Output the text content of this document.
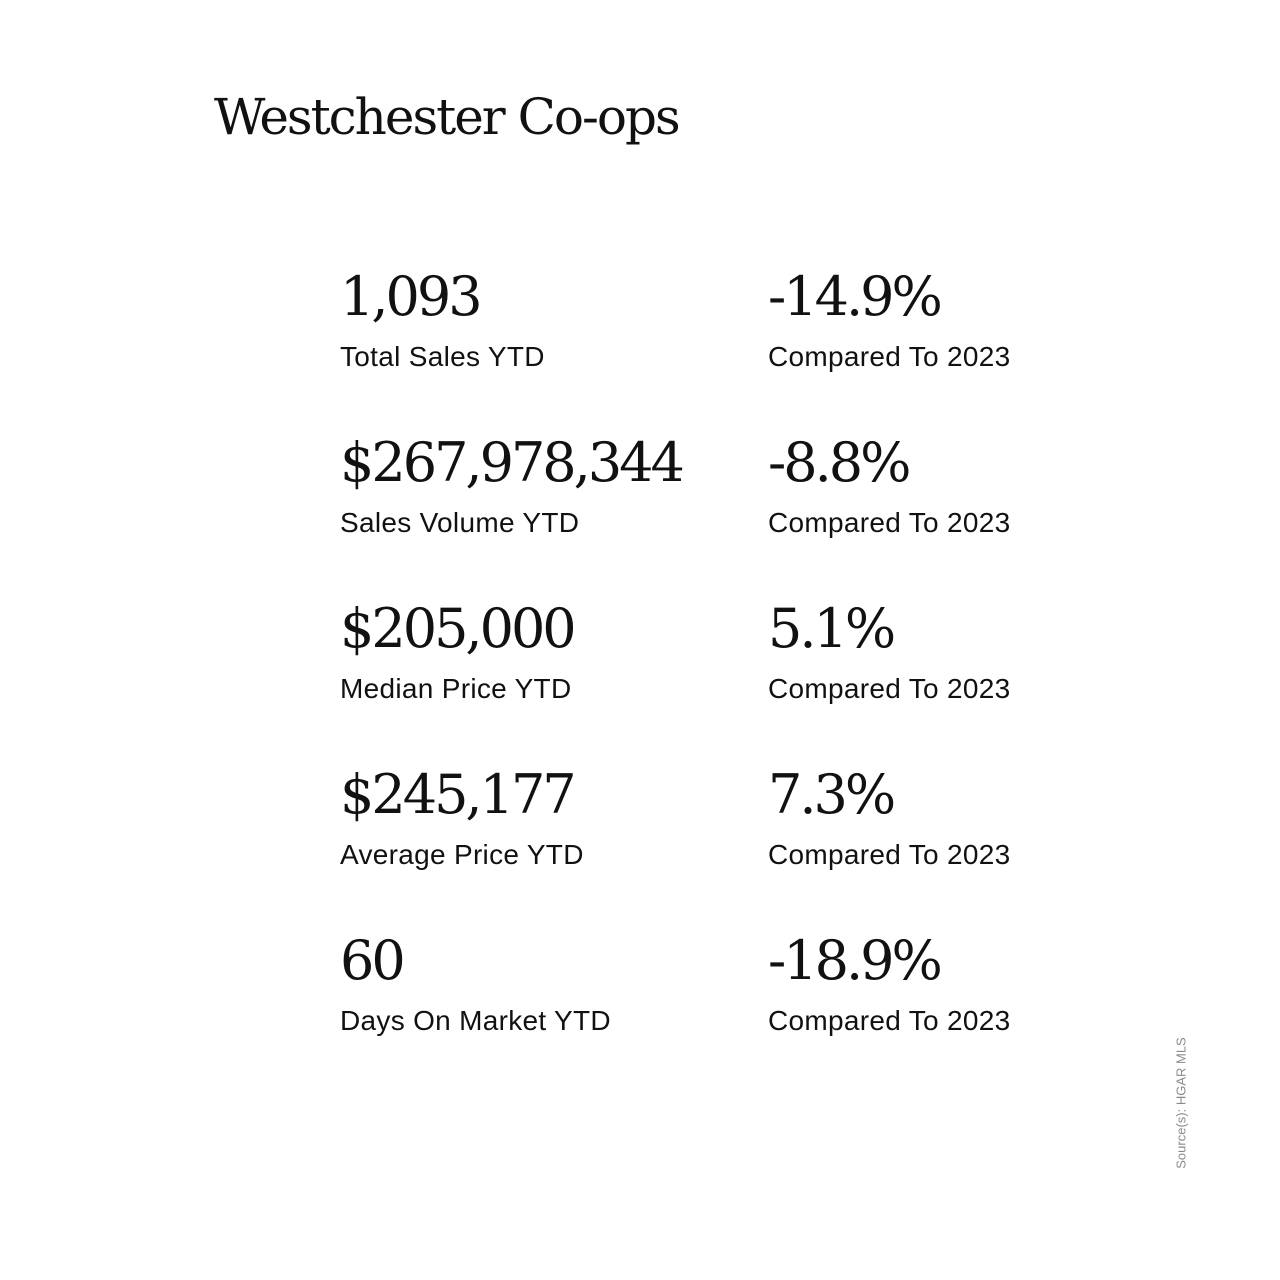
Westchester Co-ops
1,093
Total Sales YTD
-14.9%
Compared To 2023
$267,978,344
Sales Volume YTD
-8.8%
Compared To 2023
$205,000
Median Price YTD
5.1%
Compared To 2023
$245,177
Average Price YTD
7.3%
Compared To 2023
60
Days On Market YTD
-18.9%
Compared To 2023
Source(s): HGAR MLS
